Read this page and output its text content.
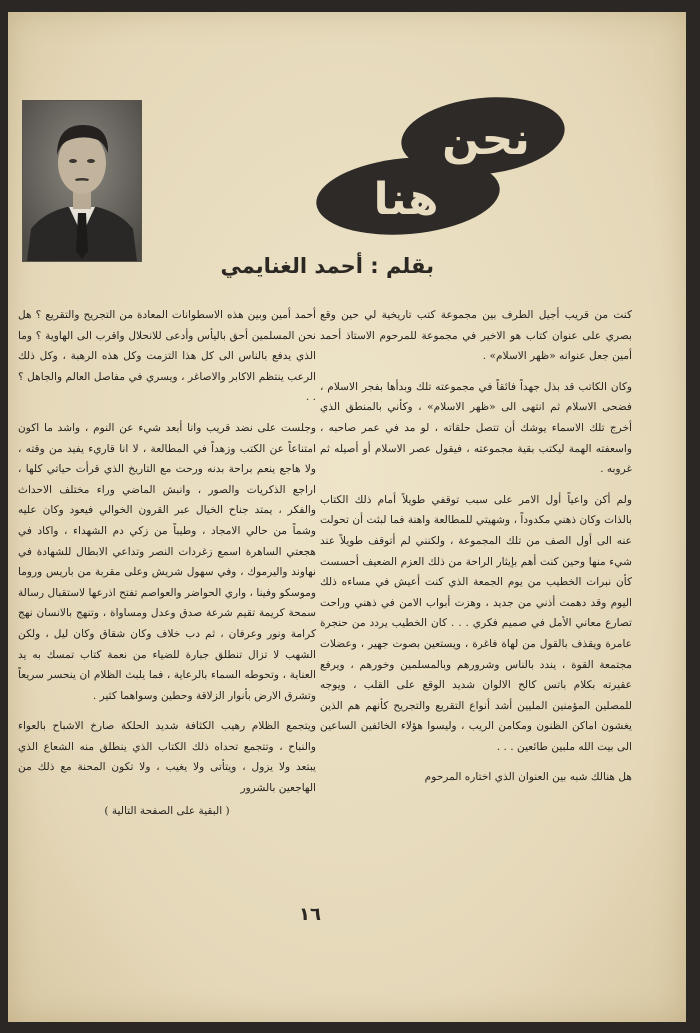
نحن
هنا
بقلم : أحمد الغنايمي

كنت من قريب أجيل الطرف بين مجموعة كتب تاريخية لي حين وقع بصري على عنوان كتاب هو الاخير في مجموعة للمرحوم الاستاذ أحمد أمين جعل عنوانه «ظهر الاسلام» .

وكان الكاتب قد بذل جهداً فائقاً في مجموعته تلك وبدأها بفجر الاسلام ، فضحى الاسلام ثم انتهى الى «ظهر الاسلام» ، وكأني بالمنطق الذي أخرج تلك الاسماء يوشك أن تتصل حلقاته ، لو مد في عمر صاحبه ، واسعفته الهمة ليكتب بقية مجموعته ، فيقول عصر الاسلام أو أصيله ثم غروبه .

ولم أكن واعياً أول الامر على سبب توقفي طويلاً أمام ذلك الكتاب بالذات وكان ذهني مكدوداً ، وشهيتي للمطالعة واهنة فما لبثت أن تحولت عنه الى أول الصف من تلك المجموعة ، ولكنني لم أتوقف طويلاً عند شيء منها وحين كنت أهم بإيثار الراحة من ذلك العزم الضعيف أحسست كأن نبرات الخطيب من يوم الجمعة الذي كنت أعيش في مساءه ذلك اليوم وقد دهمت أذني من جديد ، وهزت أبواب الامن في ذهني وراحت تصارع معاني الأمل في صميم فكري . . . كان الخطيب يردد من حنجرة عامرة ويقذف بالقول من لهاة فاغرة ، ويستعين بصوت جهير ، وعضلات مجتمعة القوة ، يندد بالناس وشرورهم وبالمسلمين وخورهم ، ويرفع عقيرته بكلام باتس كالح الالوان شديد الوقع على القلب ، ويوجه للمصلين المؤمنين المليين أشد أنواع التقريع والتجريح كأنهم هم الذين يغشون اماكن الظنون ومكامن الريب ، وليسوا هؤلاء الخائفين الساعين الى بيت الله ملبين طائعين . . .

هل هنالك شبه بين العنوان الذي اختاره المرحوم

أحمد أمين وبين هذه الاسطوانات المعادة من التجريح والتقريع ؟ هل نحن المسلمين أحق باليأس وأدعى للانحلال واقرب الى الهاوية ؟ وما الذي يدفع بالناس الى كل هذا التزمت وكل هذه الرهبة ، وكل ذلك الرعب ينتظم الاكابر والاصاغر ، ويسري في مفاصل العالم والجاهل ؟ . .

وجلست على نضد قريب وانا أبعد شيء عن النوم ، واشد ما اكون امتناعاً عن الكتب وزهداً في المطالعة ، لا انا قاريء يفيد من وقته ، ولا هاجع ينعم براحة بدنه ورحت مع التاريخ الذي قرأت حياتي كلها ، اراجع الذكريات والصور ، وانبش الماضي وراء مختلف الاحداث والفكر ، يمتد جناح الخيال عبر القرون الخوالي فيعود وكان عليه وشماً من حالي الامجاد ، وطيباً من زكي دم الشهداء ، واكاد في هجعتي الساهرة اسمع زغردات النصر وتداعي الابطال للشهادة في نهاوند واليرموك ، وفي سهول شريش وعلى مقربة من باريس وروما وموسكو وفينا ، واري الحواضر والعواصم تفتح اذرعها لاستقبال رسالة سمحة كريمة تقيم شرعة صدق وعدل ومساواة ، وتنهج بالانسان نهج كرامة ونور وعرفان ، ثم دب خلاف وكان شقاق وكان ليل ، ولكن الشهب لا تزال تنطلق جبارة للضياء من نعمة كتاب تمسك به يد العناية ، وتحوطه السماء بالرعاية ، فما يلبث الظلام ان ينحسر سريعاً وتشرق الارض بأنوار الزلاقة وحطين وسواهما كثير .

ويتجمع الظلام رهيب الكثافة شديد الحلكة صارخ الاشباح بالعواء والنباح ، وتتجمع تحداه ذلك الكتاب الذي ينطلق منه الشعاع الذي يبتعد ولا يزول ، ويتأتى ولا يغيب ، ولا تكون المحنة مع ذلك من الهاجعين بالشرور

( البقية على الصفحة التالية )

١٦
